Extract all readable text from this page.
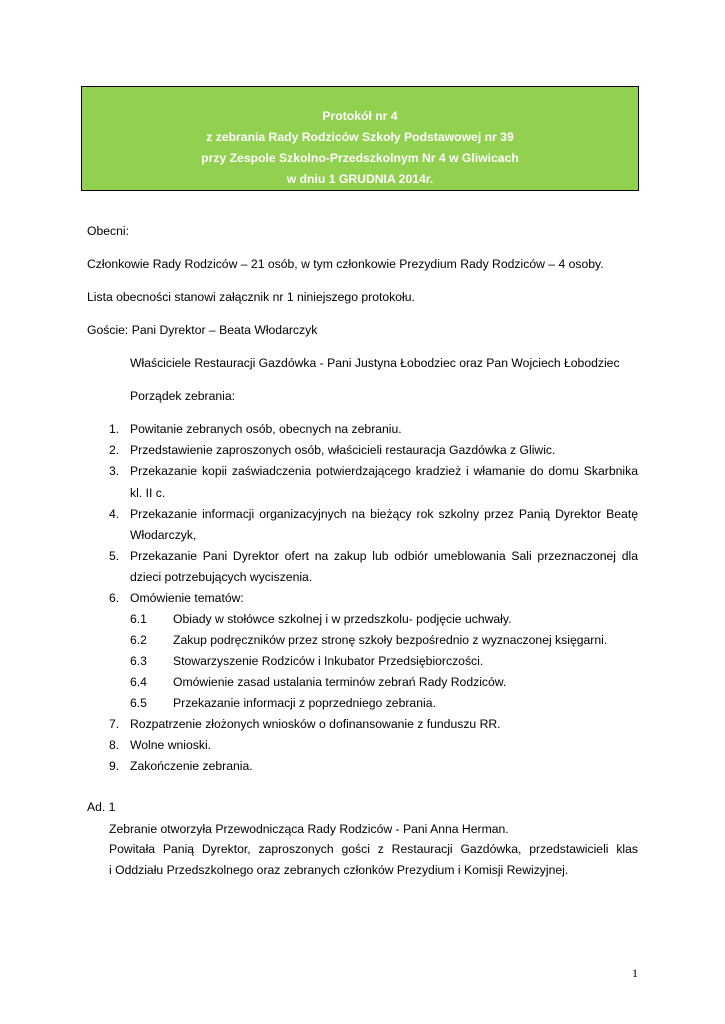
Protokół nr 4
z zebrania Rady Rodziców Szkoły Podstawowej nr 39
przy Zespole Szkolno-Przedszkolnym Nr 4 w Gliwicach
w dniu 1 GRUDNIA 2014r.
Obecni:
Członkowie Rady Rodziców – 21 osób, w tym członkowie Prezydium Rady Rodziców – 4 osoby.
Lista obecności stanowi załącznik nr 1 niniejszego protokołu.
Goście: Pani Dyrektor – Beata Włodarczyk
Właściciele Restauracji Gazdówka - Pani Justyna Łobodziec oraz Pan Wojciech Łobodziec
Porządek zebrania:
1. Powitanie zebranych osób, obecnych na zebraniu.
2. Przedstawienie zaproszonych osób, właścicieli restauracja Gazdówka z Gliwic.
3. Przekazanie kopii zaświadczenia potwierdzającego kradzież i włamanie do domu Skarbnika
kl. II c.
4. Przekazanie informacji organizacyjnych na bieżący rok szkolny przez Panią Dyrektor Beatę
Włodarczyk,
5. Przekazanie Pani Dyrektor ofert na zakup lub odbiór umeblowania Sali przeznaczonej dla
dzieci potrzebujących wyciszenia.
6. Omówienie tematów:
6.1 Obiady w stołówce szkolnej i w przedszkolu- podjęcie uchwały.
6.2 Zakup podręczników przez stronę szkoły bezpośrednio z wyznaczonej księgarni.
6.3 Stowarzyszenie Rodziców i Inkubator Przedsiębiorczości.
6.4 Omówienie zasad ustalania terminów zebrań Rady Rodziców.
6.5 Przekazanie informacji z poprzedniego zebrania.
7. Rozpatrzenie złożonych wniosków o dofinansowanie z funduszu RR.
8. Wolne wnioski.
9. Zakończenie zebrania.
Ad. 1
Zebranie otworzyła Przewodnicząca Rady Rodziców - Pani Anna Herman.
Powitała Panią Dyrektor, zaproszonych gości z Restauracji Gazdówka, przedstawicieli klas
i Oddziału Przedszkolnego oraz zebranych członków Prezydium i Komisji Rewizyjnej.
1
